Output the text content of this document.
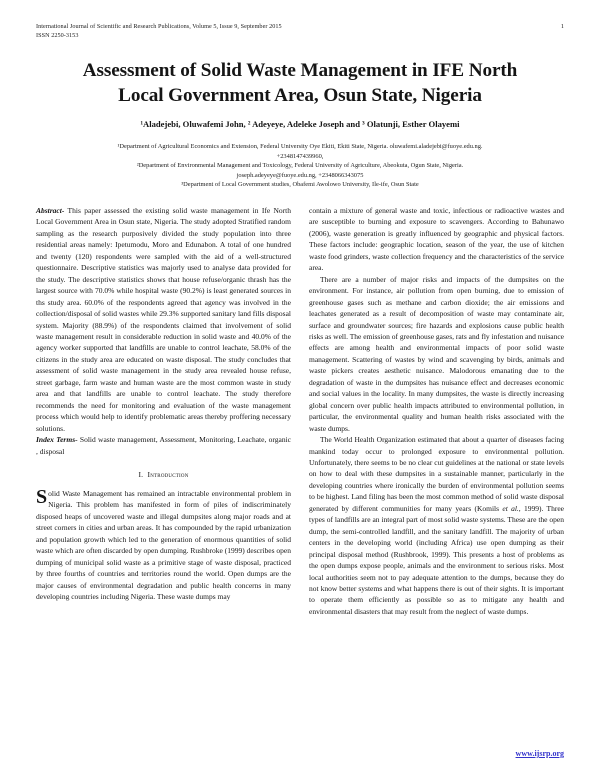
International Journal of Scientific and Research Publications, Volume 5, Issue 9, September 2015
ISSN 2250-3153
1
Assessment of Solid Waste Management in IFE North
Local Government Area, Osun State, Nigeria
¹Aladejebi, Oluwafemi John, ² Adeyeye, Adeleke Joseph and ³ Olatunji, Esther Olayemi
¹Department of Agricultural Economics and Extension, Federal University Oye Ekiti, Ekiti State, Nigeria. oluwafemi.aladejebi@fuoye.edu.ng.
+2348147439960,
²Department of Environmental Management and Toxicology, Federal University of Agriculture, Abeokuta, Ogun State, Nigeria.
joseph.adeyeye@fuoye.edu.ng, +2348066343075
³Department of Local Government studies, Obafemi Awolowo University, Ile-ife, Osun State

Abstract- This paper assessed the existing solid waste management in Ife North Local Government Area in Osun state, Nigeria. The study adopted Stratified random sampling as the research purposively divided the study population into three residential areas namely: Ipetumodu, Moro and Edunabon. A total of one hundred and twenty (120) respondents were sampled with the aid of a well-structured questionnaire. Descriptive statistics was majorly used to analyse data provided for the study. The descriptive statistics shows that house refuse/organic thrash has the largest source with 70.0% while hospital waste (90.2%) is least generated sources in ths study area. 60.0% of the respondents agreed that agency was involved in the collection/disposal of solid wastes while 29.3% supported sanitary land fills disposal system. Majority (88.9%) of the respondents claimed that involvement of solid waste management result in considerable reduction in solid waste and 40.0% of the agency worker supported that landfills are unable to control leachate, 58.0% of the citizens in the study area are educated on waste disposal. The study concludes that assessment of solid waste management in the study area revealed house refuse, street garbage, farm waste and human waste are the most common waste in study area and that landfills are unable to control leachate. The study therefore recommends the need for monitoring and evaluation of the waste management process which would help to identify problematic areas thereby proffering necessary solutions.

Index Terms- Solid waste management, Assessment, Monitoring, Leachate, organic , disposal

I. Introduction

Solid Waste Management has remained an intractable environmental problem in Nigeria. This problem has manifested in form of piles of indiscriminately disposed heaps of uncovered waste and illegal dumpsites along major roads and at street corners in cities and urban areas. It has compounded by the rapid urbanization and population growth which led to the generation of enormous quantities of solid waste which are often discarded by open dumping. Rushbroke (1999) describes open dumping of municipal solid waste as a primitive stage of waste disposal, practiced by three fourths of countries and territories round the world. Open dumps are the major causes of environmental degradation and public health concerns in many developing countries including Nigeria. These waste dumps may

contain a mixture of general waste and toxic, infectious or radioactive wastes and are susceptible to burning and exposure to scavengers. According to Bahunawo (2006), waste generation is greatly influenced by geographic and physical factors. These factors include: geographic location, season of the year, the use of kitchen waste food grinders, waste collection frequency and the characteristics of the service area.

There are a number of major risks and impacts of the dumpsites on the environment. For instance, air pollution from open burning, due to emission of greenhouse gases such as methane and carbon dioxide; the air emissions and leachates generated as a result of decomposition of waste may contaminate air, surface and groundwater sources; fire hazards and explosions cause public health risks as well. The emission of greenhouse gases, rats and fly infestation and nuisance effects are among health and environmental impacts of poor solid waste management. Scattering of wastes by wind and scavenging by birds, animals and waste pickers creates aesthetic nuisance. Malodorous emanating due to the degradation of waste in the dumpsites has nuisance effect and decreases economic and social values in the locality. In many dumpsites, the waste is directly increasing global concern over public health impacts attributed to environmental pollution, in particular, the environmental quality and human health risks associated with the waste dumps.

The World Health Organization estimated that about a quarter of diseases facing mankind today occur to prolonged exposure to environmental pollution. Unfortunately, there seems to be no clear cut guidelines at the national or state levels on how to deal with these dumpsites in a sustainable manner, particularly in the developing countries where ironically the burden of environmental pollution seems to be highest. Land filing has been the most common method of solid waste disposal generated by different communities for many years (Komils et al., 1999). Three types of landfills are an integral part of most solid waste systems. These are the open dump, the semi-controlled landfill, and the sanitary landfill. The majority of urban centers in the developing world (including Africa) use open dumping as their principal disposal method (Rushbrook, 1999). This presents a host of problems as the open dumps expose people, animals and the environment to serious risks. Most local authorities seem not to pay adequate attention to the dumps, because they do not know better systems and what happens there is out of their sights. It is important to operate them efficiently as possible so as to mitigate any health and environmental disasters that may result from the neglect of waste dumps.

www.ijsrp.org
